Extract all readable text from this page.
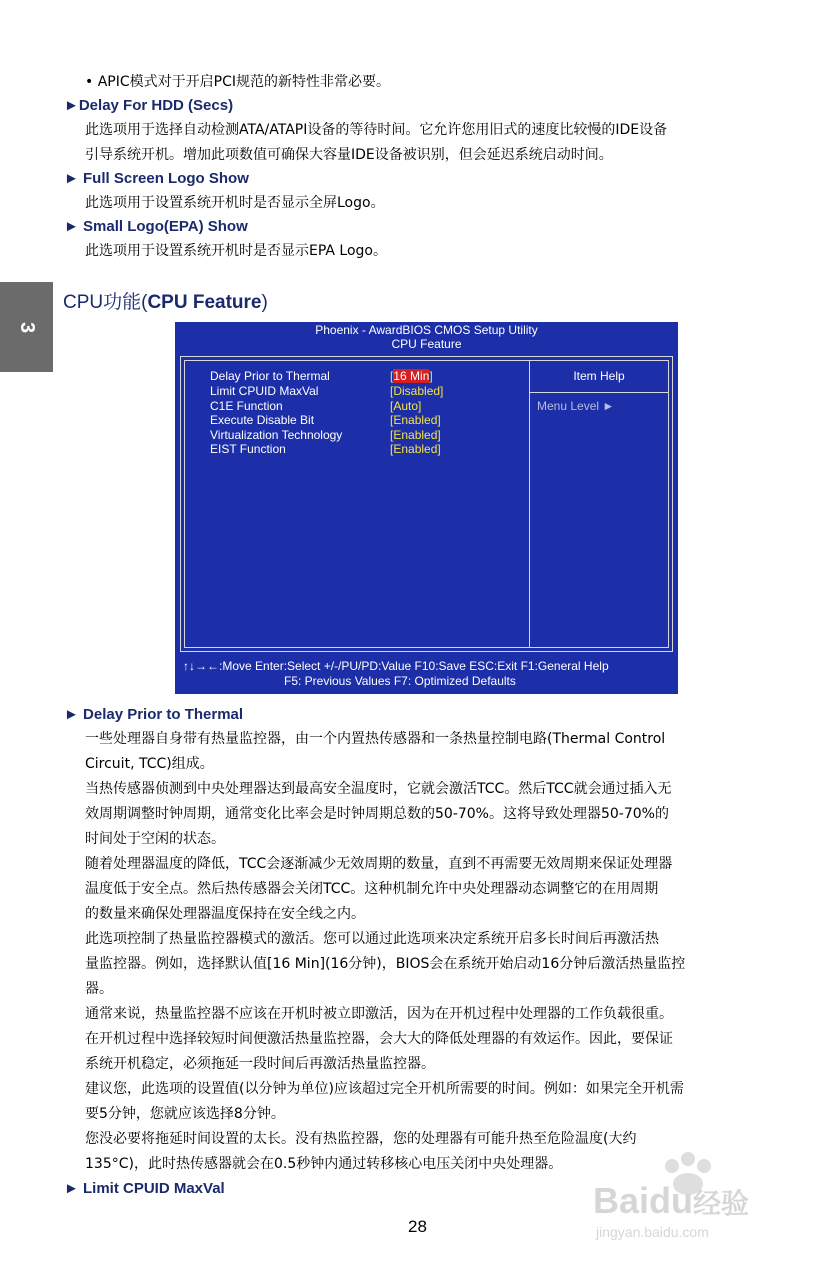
3
• APIC模式对于开启PCI规范的新特性非常必要。
►Delay For HDD (Secs)
此选项用于选择自动检测ATA/ATAPI设备的等待时间。它允许您用旧式的速度比较慢的IDE设备
引导系统开机。增加此项数值可确保大容量IDE设备被识别，但会延迟系统启动时间。
► Full Screen Logo Show
此选项用于设置系统开机时是否显示全屏Logo。
► Small Logo(EPA) Show
此选项用于设置系统开机时是否显示EPA Logo。
CPU功能(CPU Feature)
Phoenix - AwardBIOS CMOS Setup Utility
CPU Feature
Item Help
Menu Level ►
Delay Prior to Thermal	[16 Min]
Limit CPUID MaxVal	[Disabled]
C1E Function	[Auto]
Execute Disable Bit	[Enabled]
Virtualization Technology	[Enabled]
EIST Function	[Enabled]
↑↓→←:Move Enter:Select +/-/PU/PD:Value F10:Save ESC:Exit F1:General Help
F5: Previous Values F7: Optimized Defaults
► Delay Prior to Thermal
一些处理器自身带有热量监控器，由一个内置热传感器和一条热量控制电路(Thermal Control
Circuit, TCC)组成。
当热传感器侦测到中央处理器达到最高安全温度时，它就会激活TCC。然后TCC就会通过插入无
效周期调整时钟周期，通常变化比率会是时钟周期总数的50-70%。这将导致处理器50-70%的
时间处于空闲的状态。
随着处理器温度的降低，TCC会逐渐减少无效周期的数量，直到不再需要无效周期来保证处理器
温度低于安全点。然后热传感器会关闭TCC。这种机制允许中央处理器动态调整它的在用周期
的数量来确保处理器温度保持在安全线之内。
此选项控制了热量监控器模式的激活。您可以通过此选项来决定系统开启多长时间后再激活热
量监控器。例如，选择默认值[16 Min](16分钟)，BIOS会在系统开始启动16分钟后激活热量监控
器。
通常来说，热量监控器不应该在开机时被立即激活，因为在开机过程中处理器的工作负载很重。
在开机过程中选择较短时间便激活热量监控器，会大大的降低处理器的有效运作。因此，要保证
系统开机稳定，必须拖延一段时间后再激活热量监控器。
建议您，此选项的设置值(以分钟为单位)应该超过完全开机所需要的时间。例如：如果完全开机需
要5分钟，您就应该选择8分钟。
您没必要将拖延时间设置的太长。没有热监控器，您的处理器有可能升热至危险温度(大约
135°C)，此时热传感器就会在0.5秒钟内通过转移核心电压关闭中央处理器。
► Limit CPUID MaxVal
28
Baidu经验
jingyan.baidu.com
